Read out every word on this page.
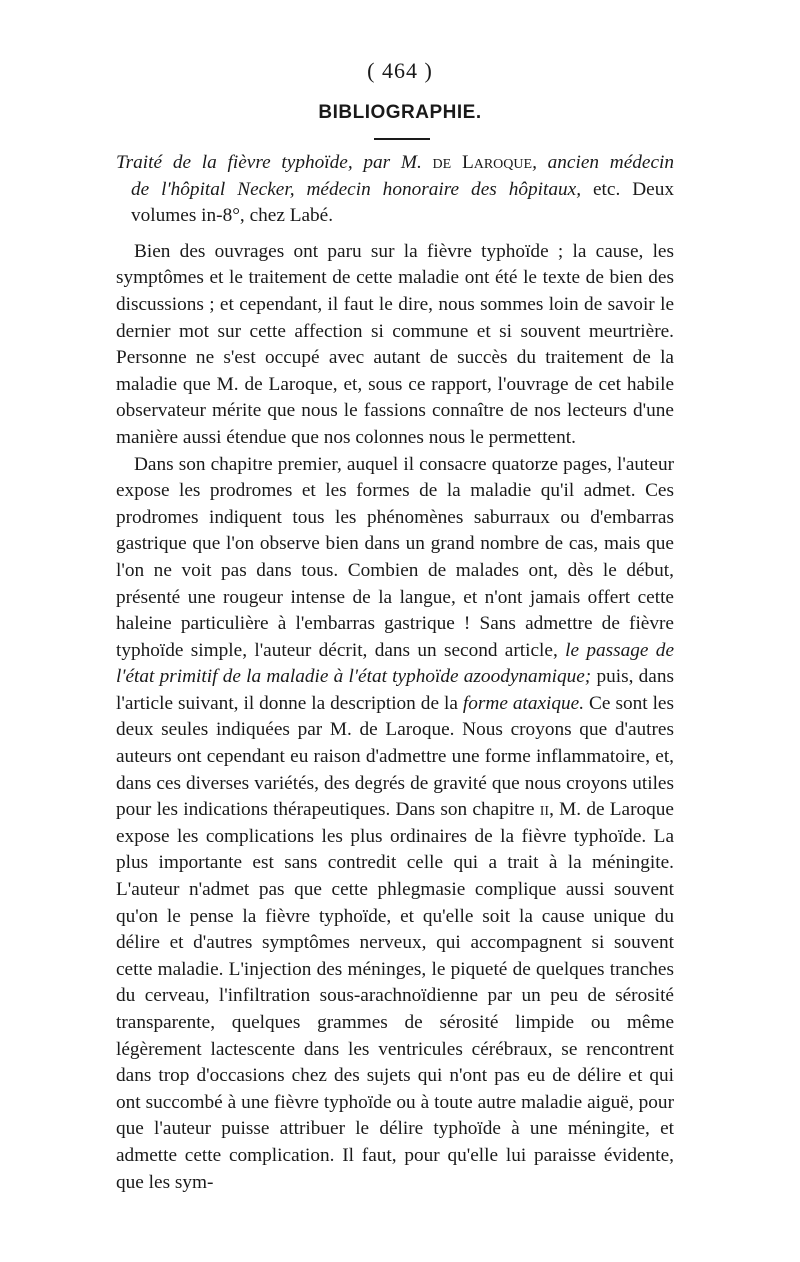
( 464 )
BIBLIOGRAPHIE.
Traité de la fièvre typhoïde, par M. de Laroque, ancien médecin
de l'hôpital Necker, médecin honoraire des hôpitaux, etc. Deux
volumes in-8°, chez Labé.

Bien des ouvrages ont paru sur la fièvre typhoïde ; la cause, les symptômes et le traitement de cette maladie ont été le texte de bien des discussions ; et cependant, il faut le dire, nous sommes loin de savoir le dernier mot sur cette affection si commune et si souvent meurtrière. Personne ne s'est occupé avec autant de succès du traitement de la maladie que M. de Laroque, et, sous ce rapport, l'ouvrage de cet habile observateur mérite que nous le fassions connaître de nos lecteurs d'une manière aussi étendue que nos colonnes nous le permettent.

Dans son chapitre premier, auquel il consacre quatorze pages, l'auteur expose les prodromes et les formes de la maladie qu'il admet. Ces prodromes indiquent tous les phénomènes saburraux ou d'embarras gastrique que l'on observe bien dans un grand nombre de cas, mais que l'on ne voit pas dans tous. Combien de malades ont, dès le début, présenté une rougeur intense de la langue, et n'ont jamais offert cette haleine particulière à l'embarras gastrique ! Sans admettre de fièvre typhoïde simple, l'auteur décrit, dans un second article, le passage de l'état primitif de la maladie à l'état typhoïde azoodynamique; puis, dans l'article suivant, il donne la description de la forme ataxique. Ce sont les deux seules indiquées par M. de Laroque. Nous croyons que d'autres auteurs ont cependant eu raison d'admettre une forme inflammatoire, et, dans ces diverses variétés, des degrés de gravité que nous croyons utiles pour les indications thérapeutiques. Dans son chapitre ii, M. de Laroque expose les complications les plus ordinaires de la fièvre typhoïde. La plus importante est sans contredit celle qui a trait à la méningite. L'auteur n'admet pas que cette phlegmasie complique aussi souvent qu'on le pense la fièvre typhoïde, et qu'elle soit la cause unique du délire et d'autres symptômes nerveux, qui accompagnent si souvent cette maladie. L'injection des méninges, le piqueté de quelques tranches du cerveau, l'infiltration sous-arachnoïdienne par un peu de sérosité transparente, quelques grammes de sérosité limpide ou même légèrement lactescente dans les ventricules cérébraux, se rencontrent dans trop d'occasions chez des sujets qui n'ont pas eu de délire et qui ont succombé à une fièvre typhoïde ou à toute autre maladie aiguë, pour que l'auteur puisse attribuer le délire typhoïde à une méningite, et admette cette complication. Il faut, pour qu'elle lui paraisse évidente, que les sym-
